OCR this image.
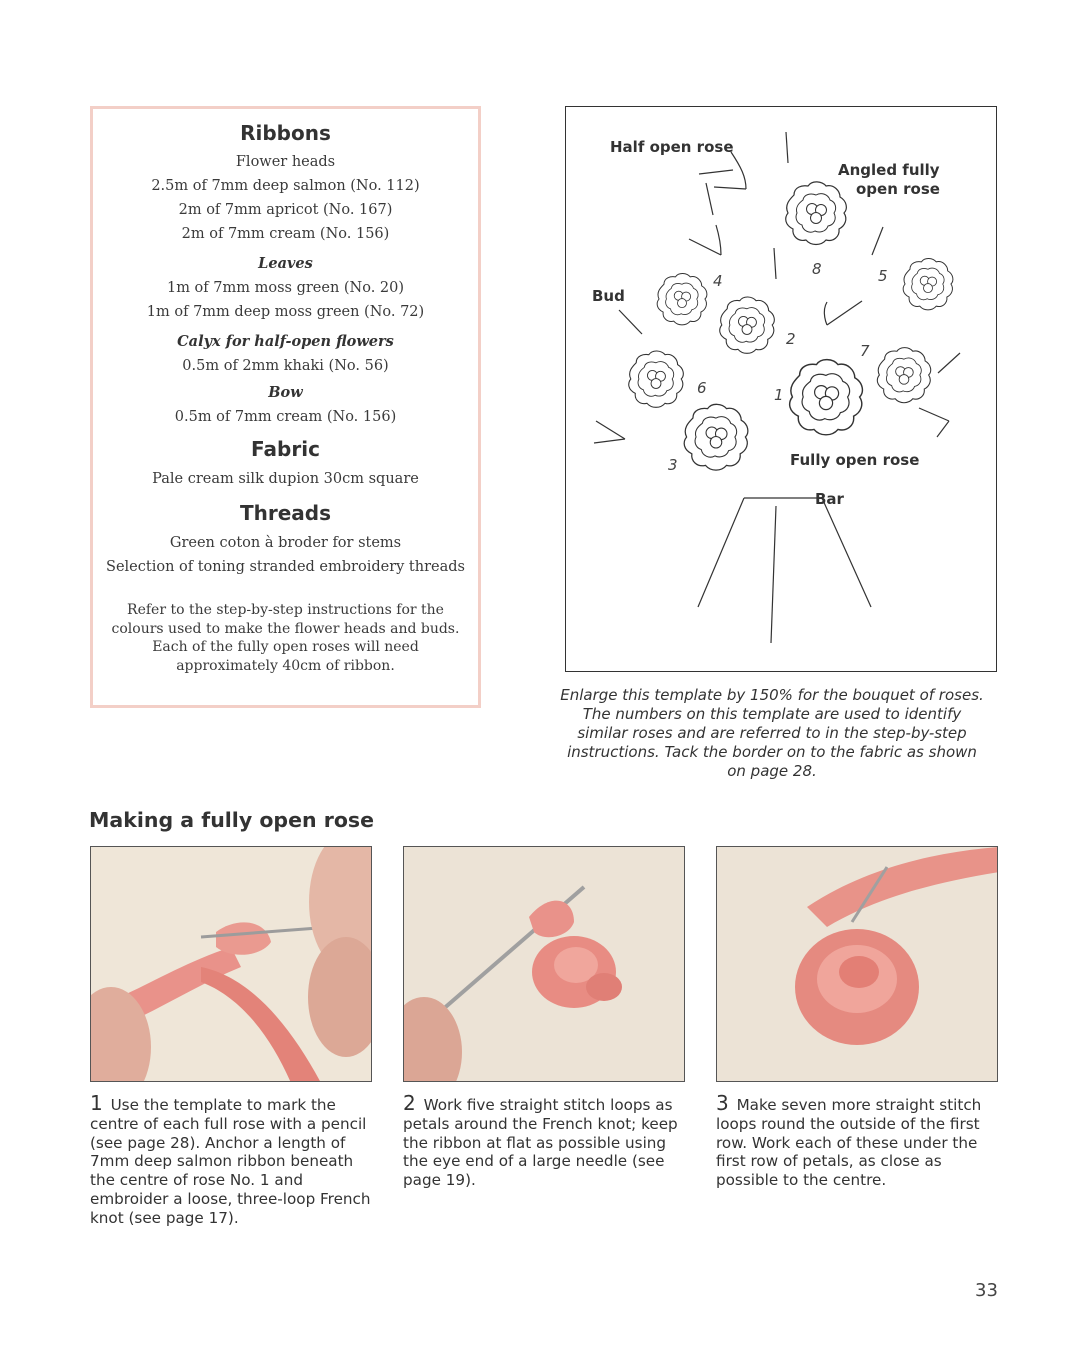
Ribbons

Flower heads

2.5m of 7mm deep salmon (No. 112)

2m of 7mm apricot (No. 167)

2m of 7mm cream (No. 156)

Leaves

1m of 7mm moss green (No. 20)

1m of 7mm deep moss green (No. 72)

Calyx for half-open flowers

0.5m of 2mm khaki (No. 56)

Bow

0.5m of 7mm cream (No. 156)

Fabric

Pale cream silk dupion 30cm square

Threads

Green coton à broder for stems

Selection of toning stranded embroidery threads

Refer to the step-by-step instructions for the colours used to make the flower heads and buds. Each of the fully open roses will need approximately 40cm of ribbon.

Half open rose
Angled fully
open rose
Bud
Fully open rose
Bar
1
2
3
4	5
6
7
8
Enlarge this template by 150% for the bouquet of roses. The numbers on this template are used to identify similar roses and are referred to in the step-by-step instructions. Tack the border on to the fabric as shown on page 28.
Making a fully open rose
1 Use the template to mark the centre of each full rose with a pencil (see page 28). Anchor a length of 7mm deep salmon ribbon beneath the centre of rose No. 1 and embroider a loose, three-loop French knot (see page 17).
2 Work five straight stitch loops as petals around the French knot; keep the ribbon at flat as possible using the eye end of a large needle (see page 19).
3 Make seven more straight stitch loops round the outside of the first row. Work each of these under the first row of petals, as close as possible to the centre.
33
